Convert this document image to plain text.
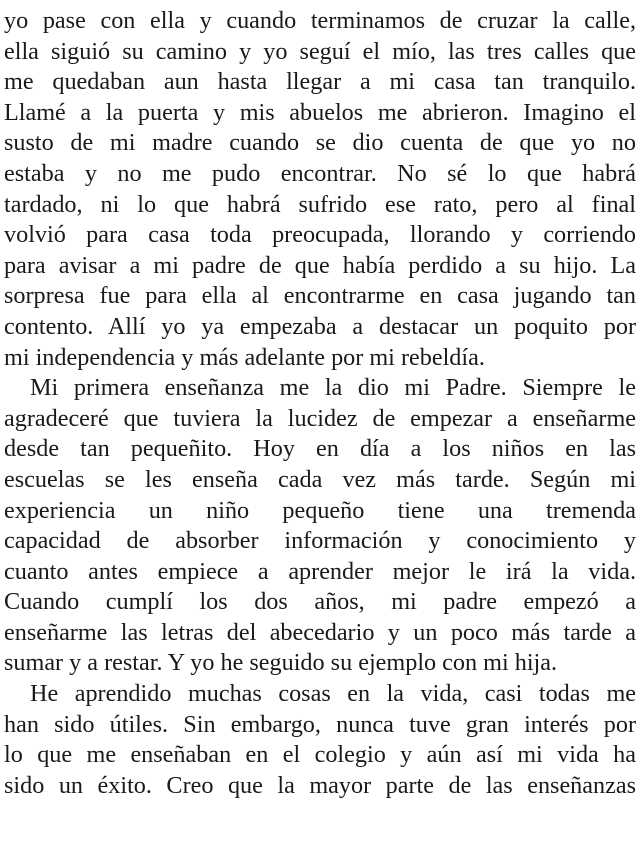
yo pase con ella y cuando terminamos de cruzar la calle,
ella siguió su camino y yo seguí el mío, las tres calles que
me quedaban aun hasta llegar a mi casa tan tranquilo.
Llamé a la puerta y mis abuelos me abrieron. Imagino el
susto de mi madre cuando se dio cuenta de que yo no
estaba y no me pudo encontrar. No sé lo que habrá
tardado, ni lo que habrá sufrido ese rato, pero al final
volvió para casa toda preocupada, llorando y corriendo
para avisar a mi padre de que había perdido a su hijo. La
sorpresa fue para ella al encontrarme en casa jugando tan
contento. Allí yo ya empezaba a destacar un poquito por
mi independencia y más adelante por mi rebeldía.
Mi primera enseñanza me la dio mi Padre. Siempre le
agradeceré que tuviera la lucidez de empezar a enseñarme
desde tan pequeñito. Hoy en día a los niños en las
escuelas se les enseña cada vez más tarde. Según mi
experiencia un niño pequeño tiene una tremenda
capacidad de absorber información y conocimiento y
cuanto antes empiece a aprender mejor le irá la vida.
Cuando cumplí los dos años, mi padre empezó a
enseñarme las letras del abecedario y un poco más tarde a
sumar y a restar. Y yo he seguido su ejemplo con mi hija.
He aprendido muchas cosas en la vida, casi todas me
han sido útiles. Sin embargo, nunca tuve gran interés por
lo que me enseñaban en el colegio y aún así mi vida ha
sido un éxito. Creo que la mayor parte de las enseñanzas
